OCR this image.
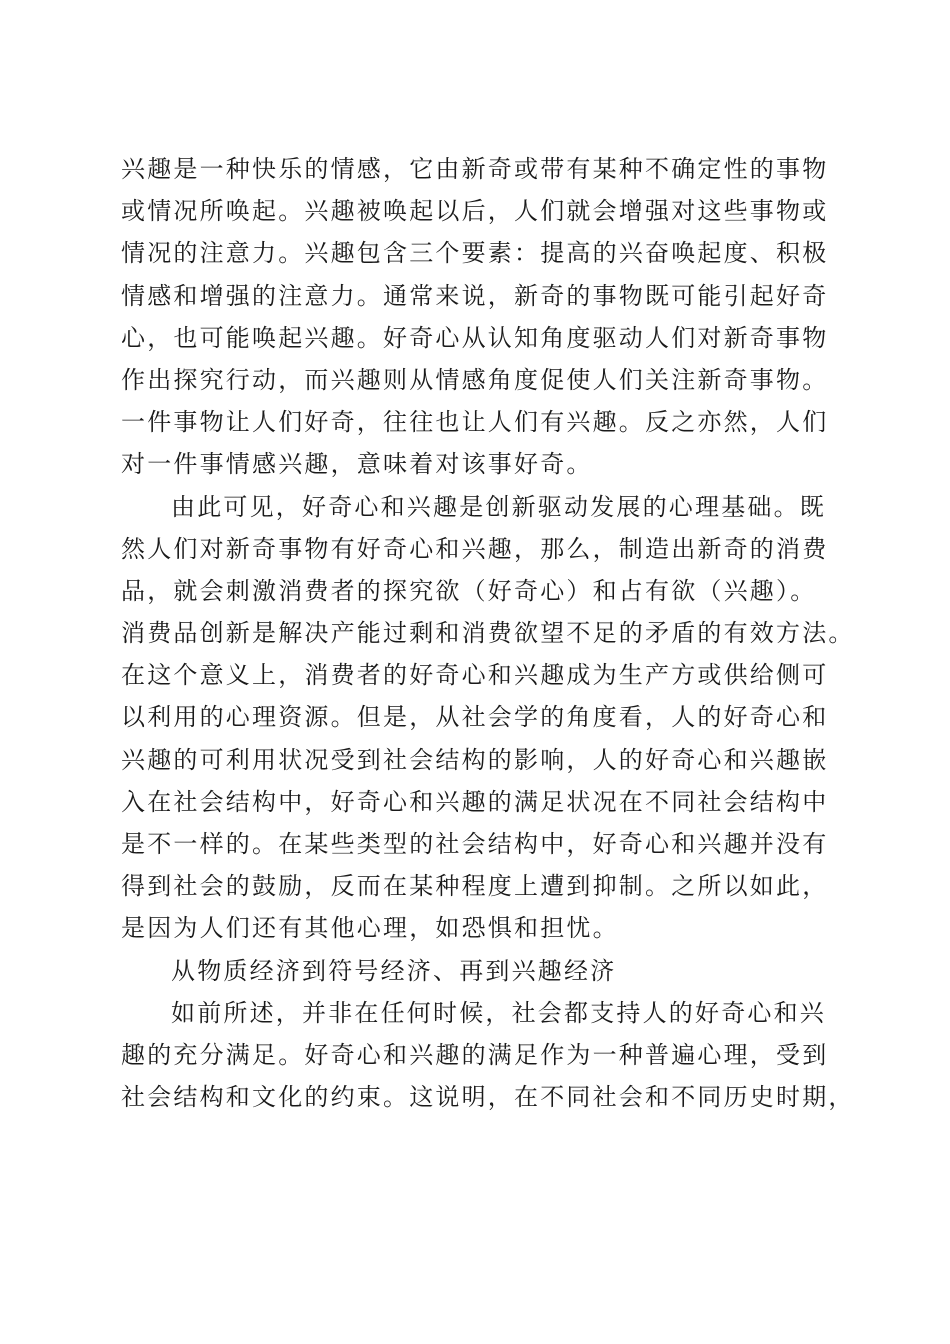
兴趣是一种快乐的情感，它由新奇或带有某种不确定性的事物
或情况所唤起。兴趣被唤起以后，人们就会增强对这些事物或
情况的注意力。兴趣包含三个要素：提高的兴奋唤起度、积极
情感和增强的注意力。通常来说，新奇的事物既可能引起好奇
心，也可能唤起兴趣。好奇心从认知角度驱动人们对新奇事物
作出探究行动，而兴趣则从情感角度促使人们关注新奇事物。
一件事物让人们好奇，往往也让人们有兴趣。反之亦然，人们
对一件事情感兴趣，意味着对该事好奇。
由此可见，好奇心和兴趣是创新驱动发展的心理基础。既
然人们对新奇事物有好奇心和兴趣，那么，制造出新奇的消费
品，就会刺激消费者的探究欲（好奇心）和占有欲（兴趣）。
消费品创新是解决产能过剩和消费欲望不足的矛盾的有效方法。
在这个意义上，消费者的好奇心和兴趣成为生产方或供给侧可
以利用的心理资源。但是，从社会学的角度看，人的好奇心和
兴趣的可利用状况受到社会结构的影响，人的好奇心和兴趣嵌
入在社会结构中，好奇心和兴趣的满足状况在不同社会结构中
是不一样的。在某些类型的社会结构中，好奇心和兴趣并没有
得到社会的鼓励，反而在某种程度上遭到抑制。之所以如此，
是因为人们还有其他心理，如恐惧和担忧。
从物质经济到符号经济、再到兴趣经济
如前所述，并非在任何时候，社会都支持人的好奇心和兴
趣的充分满足。好奇心和兴趣的满足作为一种普遍心理，受到
社会结构和文化的约束。这说明，在不同社会和不同历史时期，
